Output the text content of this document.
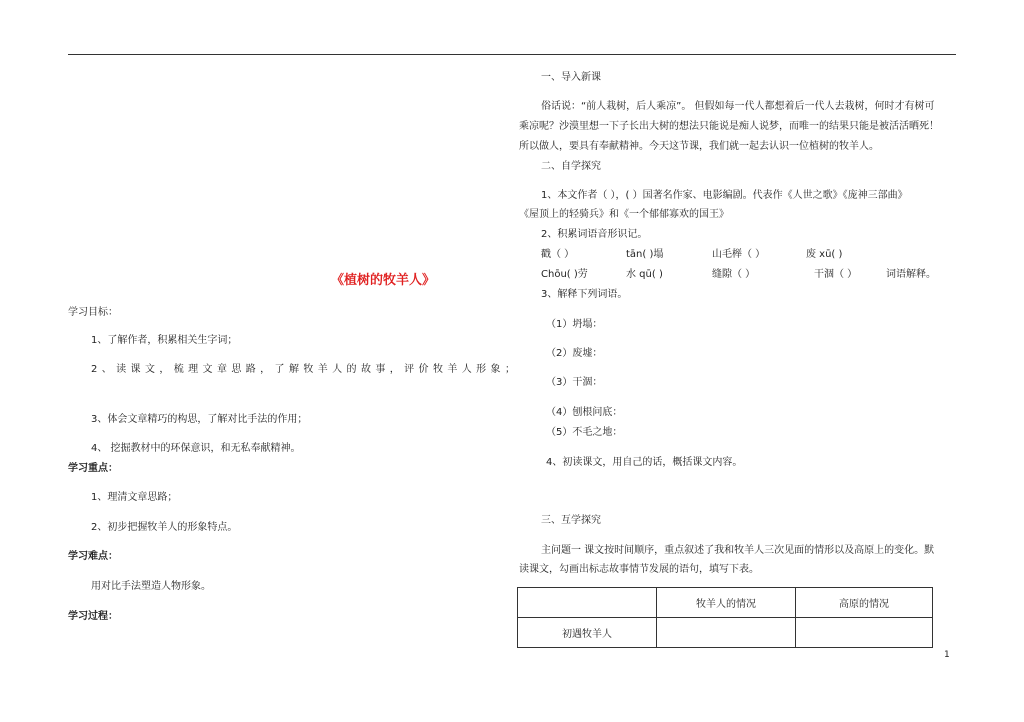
《植树的牧羊人》
学习目标：
1、了解作者，积累相关生字词；
2、读课文，梳理文章思路，了解牧羊人的故事，评价牧羊人形象；
3、体会文章精巧的构思，了解对比手法的作用；
4、 挖掘教材中的环保意识，和无私奉献精神。
学习重点：
1、理清文章思路；
2、初步把握牧羊人的形象特点。
学习难点：
用对比手法塑造人物形象。
学习过程：
一、导入新课
俗话说：“前人栽树，后人乘凉”。 但假如每一代人都想着后一代人去栽树，何时才有树可
乘凉呢？沙漠里想一下子长出大树的想法只能说是痴人说梦，而唯一的结果只能是被活活晒死！
所以做人，要具有奉献精神。今天这节课，我们就一起去认识一位植树的牧羊人。
二、自学探究
1、本文作者（ ），( ）国著名作家、电影编剧。代表作《人世之歌》《庞神三部曲》
《屋顶上的轻骑兵》和《一个郁郁寡欢的国王》
2、积累词语音形识记。
戳（ ）	tān( )塌	山毛榉（ ）	废 xū( )
Chōu( )劳	水 qū( )	缝隙（ ）	干涸（ ）	词语解释。
3、解释下列词语。
（1）坍塌：
（2）废墟：
（3）干涸：
（4）刨根问底：
（5）不毛之地：
4、初读课文，用自己的话，概括课文内容。
三、互学探究
主问题一 课文按时间顺序，重点叙述了我和牧羊人三次见面的情形以及高原上的变化。默
读课文，勾画出标志故事情节发展的语句，填写下表。
	牧羊人的情况	高原的情况
初遇牧羊人		
1
